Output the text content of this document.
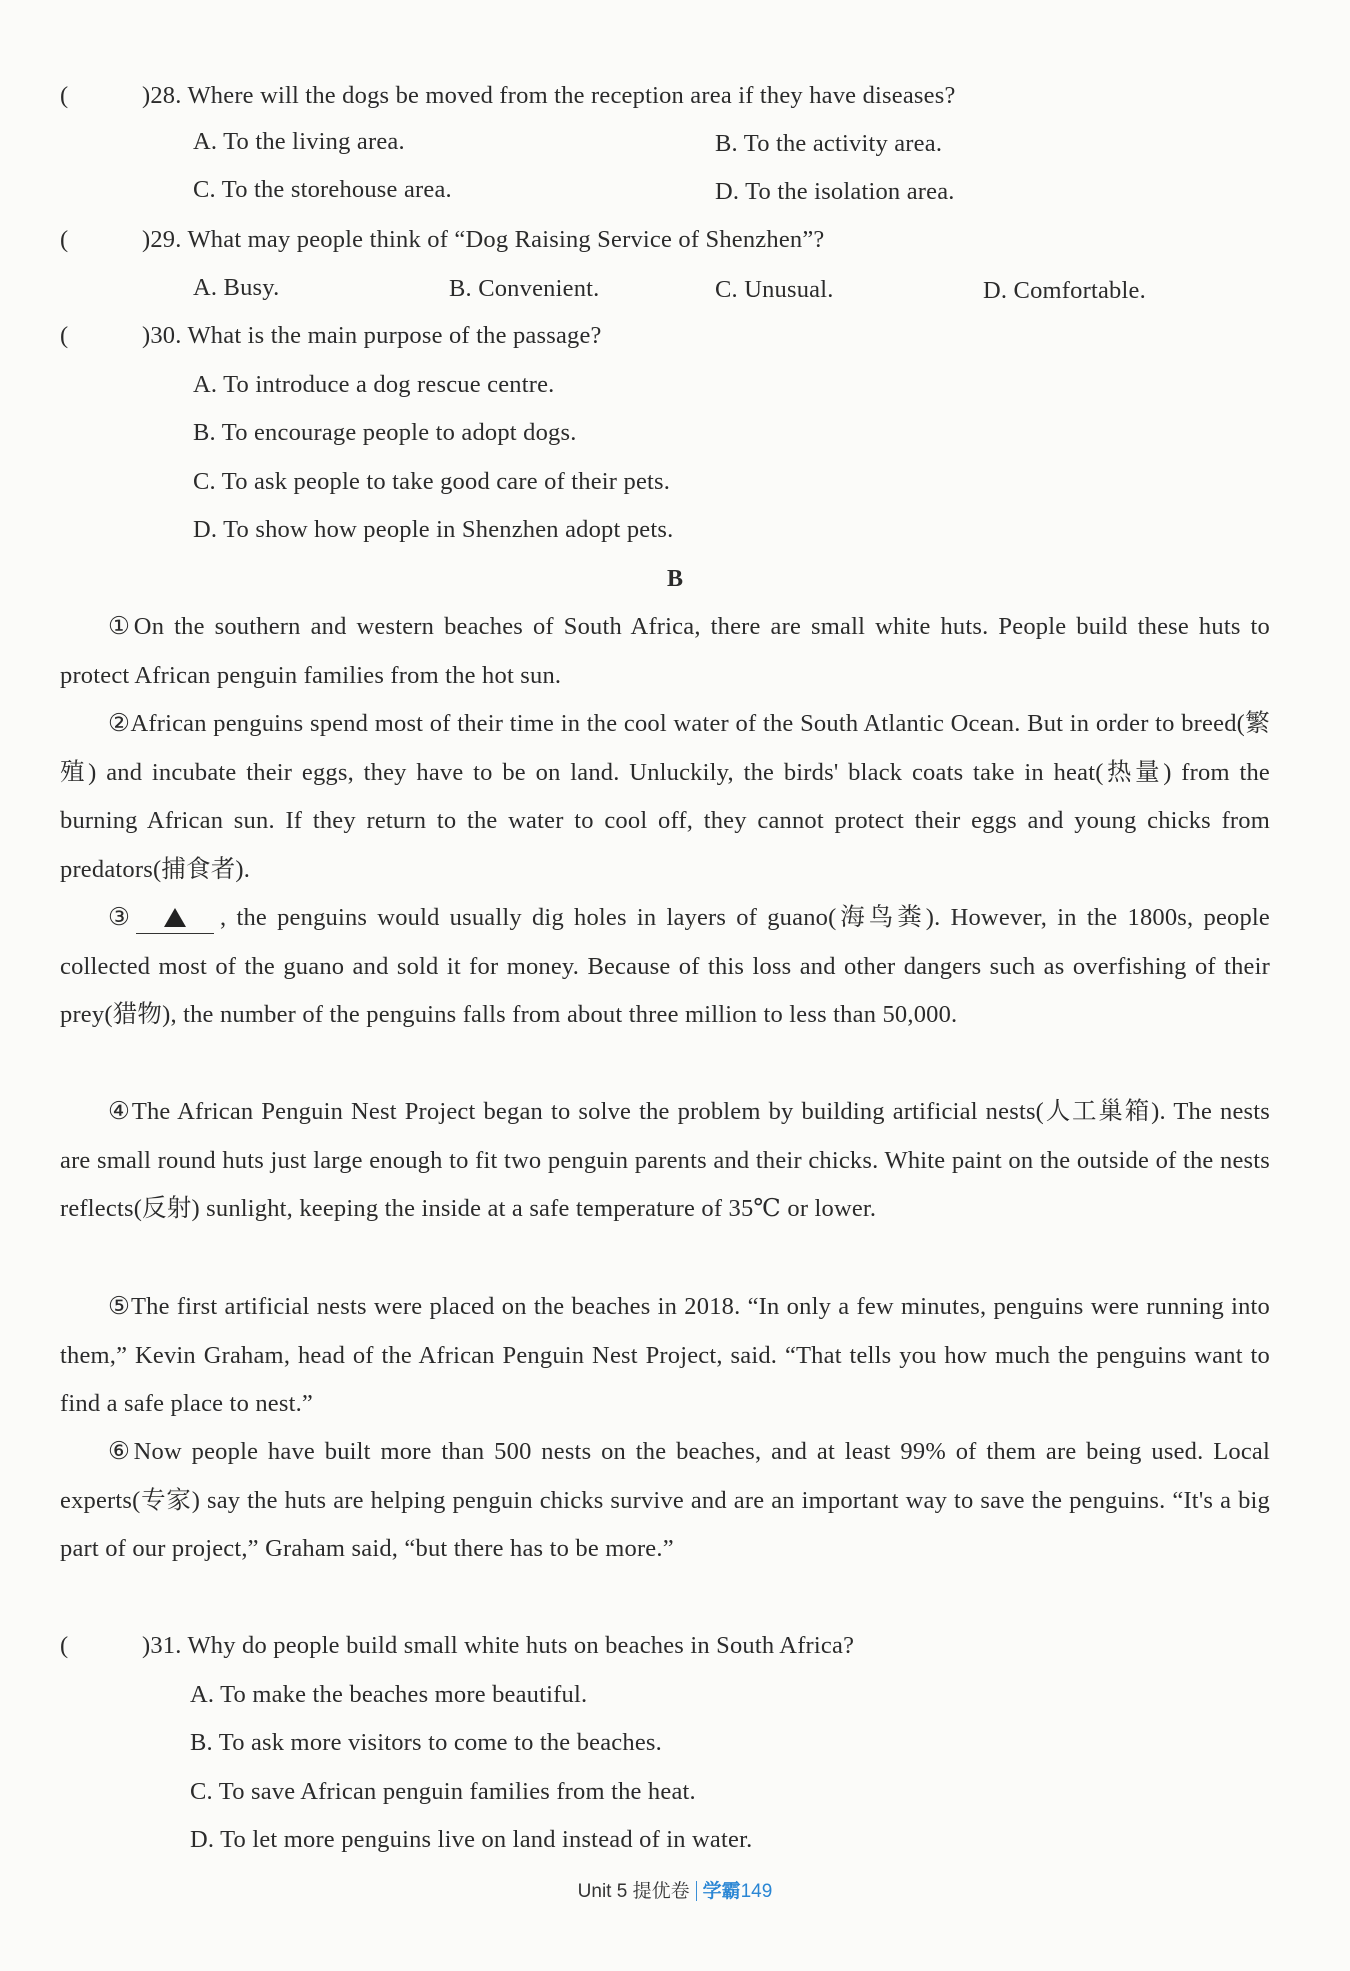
(	)28. Where will the dogs be moved from the reception area if they have diseases?
A. To the living area.	B. To the activity area.
C. To the storehouse area.	D. To the isolation area.
(	)29. What may people think of “Dog Raising Service of Shenzhen”?
A. Busy.	B. Convenient.	C. Unusual.	D. Comfortable.
(	)30. What is the main purpose of the passage?
A. To introduce a dog rescue centre.
B. To encourage people to adopt dogs.
C. To ask people to take good care of their pets.
D. To show how people in Shenzhen adopt pets.
B
①On the southern and western beaches of South Africa, there are small white huts. People build these huts to protect African penguin families from the hot sun.
②African penguins spend most of their time in the cool water of the South Atlantic Ocean. But in order to breed(繁殖) and incubate their eggs, they have to be on land. Unluckily, the birds' black coats take in heat(热量) from the burning African sun. If they return to the water to cool off, they cannot protect their eggs and young chicks from predators(捕食者).
③	, the penguins would usually dig holes in layers of guano(海鸟粪). However, in the 1800s, people collected most of the guano and sold it for money. Because of this loss and other dangers such as overfishing of their prey(猎物), the number of the penguins falls from about three million to less than 50,000.
④The African Penguin Nest Project began to solve the problem by building artificial nests(人工巢箱). The nests are small round huts just large enough to fit two penguin parents and their chicks. White paint on the outside of the nests reflects(反射) sunlight, keeping the inside at a safe temperature of 35℃ or lower.
⑤The first artificial nests were placed on the beaches in 2018. “In only a few minutes, penguins were running into them,” Kevin Graham, head of the African Penguin Nest Project, said. “That tells you how much the penguins want to find a safe place to nest.”
⑥Now people have built more than 500 nests on the beaches, and at least 99% of them are being used. Local experts(专家) say the huts are helping penguin chicks survive and are an important way to save the penguins. “It's a big part of our project,” Graham said, “but there has to be more.”
(	)31. Why do people build small white huts on beaches in South Africa?
A. To make the beaches more beautiful.
B. To ask more visitors to come to the beaches.
C. To save African penguin families from the heat.
D. To let more penguins live on land instead of in water.
Unit 5 提优卷 学霸149
